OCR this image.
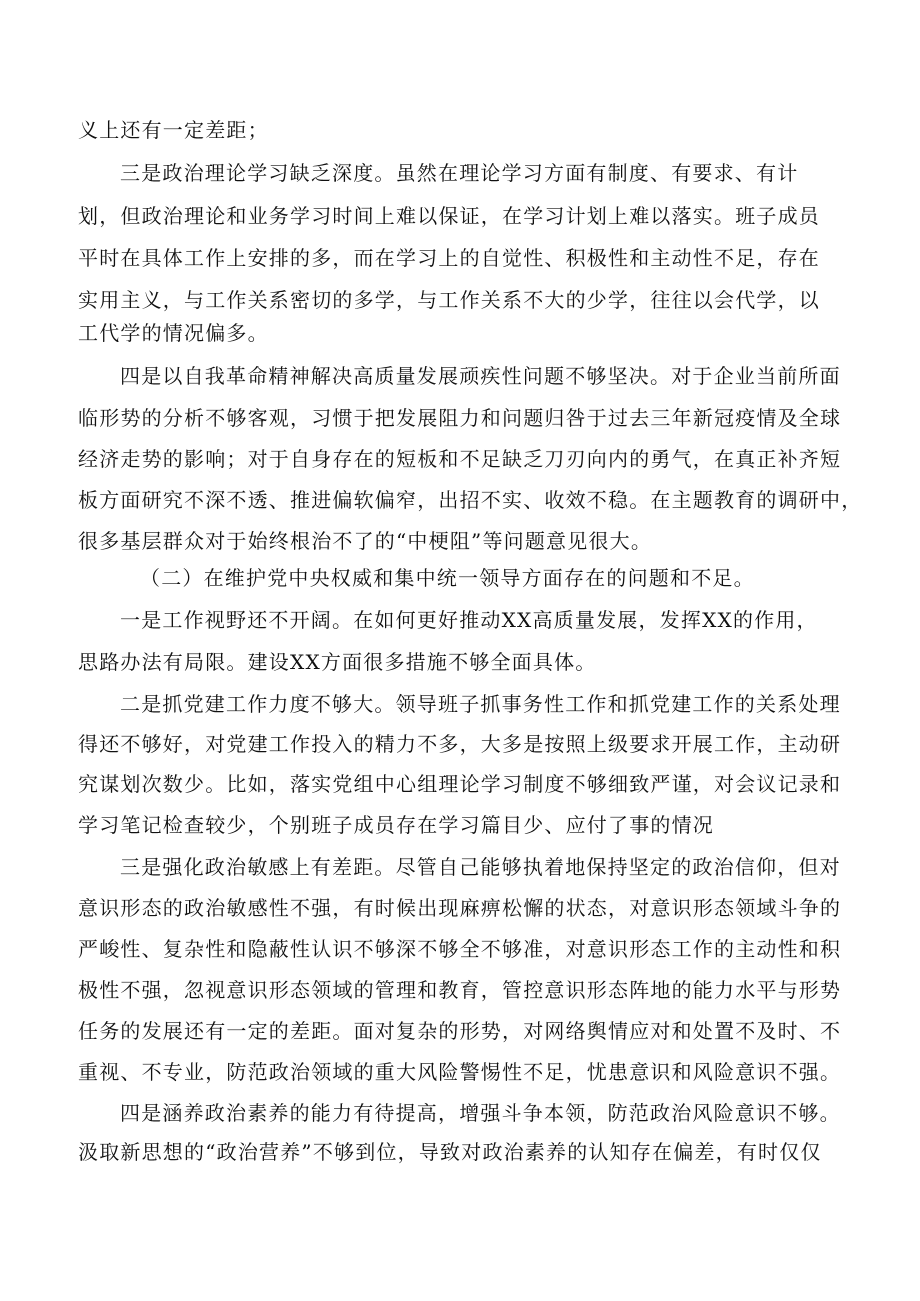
义上还有一定差距；
三是政治理论学习缺乏深度。虽然在理论学习方面有制度、有要求、有计
划，但政治理论和业务学习时间上难以保证，在学习计划上难以落实。班子成员
平时在具体工作上安排的多，而在学习上的自觉性、积极性和主动性不足，存在
实用主义，与工作关系密切的多学，与工作关系不大的少学，往往以会代学，以
工代学的情况偏多。
四是以自我革命精神解决高质量发展顽疾性问题不够坚决。对于企业当前所面
临形势的分析不够客观，习惯于把发展阻力和问题归咎于过去三年新冠疫情及全球
经济走势的影响；对于自身存在的短板和不足缺乏刀刃向内的勇气，在真正补齐短
板方面研究不深不透、推进偏软偏窄，出招不实、收效不稳。在主题教育的调研中，
很多基层群众对于始终根治不了的“中梗阻”等问题意见很大。
（二）在维护党中央权威和集中统一领导方面存在的问题和不足。
一是工作视野还不开阔。在如何更好推动XX高质量发展，发挥XX的作用，
思路办法有局限。建设XX方面很多措施不够全面具体。
二是抓党建工作力度不够大。领导班子抓事务性工作和抓党建工作的关系处理
得还不够好，对党建工作投入的精力不多，大多是按照上级要求开展工作，主动研
究谋划次数少。比如，落实党组中心组理论学习制度不够细致严谨，对会议记录和
学习笔记检查较少，个别班子成员存在学习篇目少、应付了事的情况
三是强化政治敏感上有差距。尽管自己能够执着地保持坚定的政治信仰，但对
意识形态的政治敏感性不强，有时候出现麻痹松懈的状态，对意识形态领域斗争的
严峻性、复杂性和隐蔽性认识不够深不够全不够准，对意识形态工作的主动性和积
极性不强，忽视意识形态领域的管理和教育，管控意识形态阵地的能力水平与形势
任务的发展还有一定的差距。面对复杂的形势，对网络舆情应对和处置不及时、不
重视、不专业，防范政治领域的重大风险警惕性不足，忧患意识和风险意识不强。
四是涵养政治素养的能力有待提高，增强斗争本领，防范政治风险意识不够。
汲取新思想的“政治营养”不够到位，导致对政治素养的认知存在偏差，有时仅仅
